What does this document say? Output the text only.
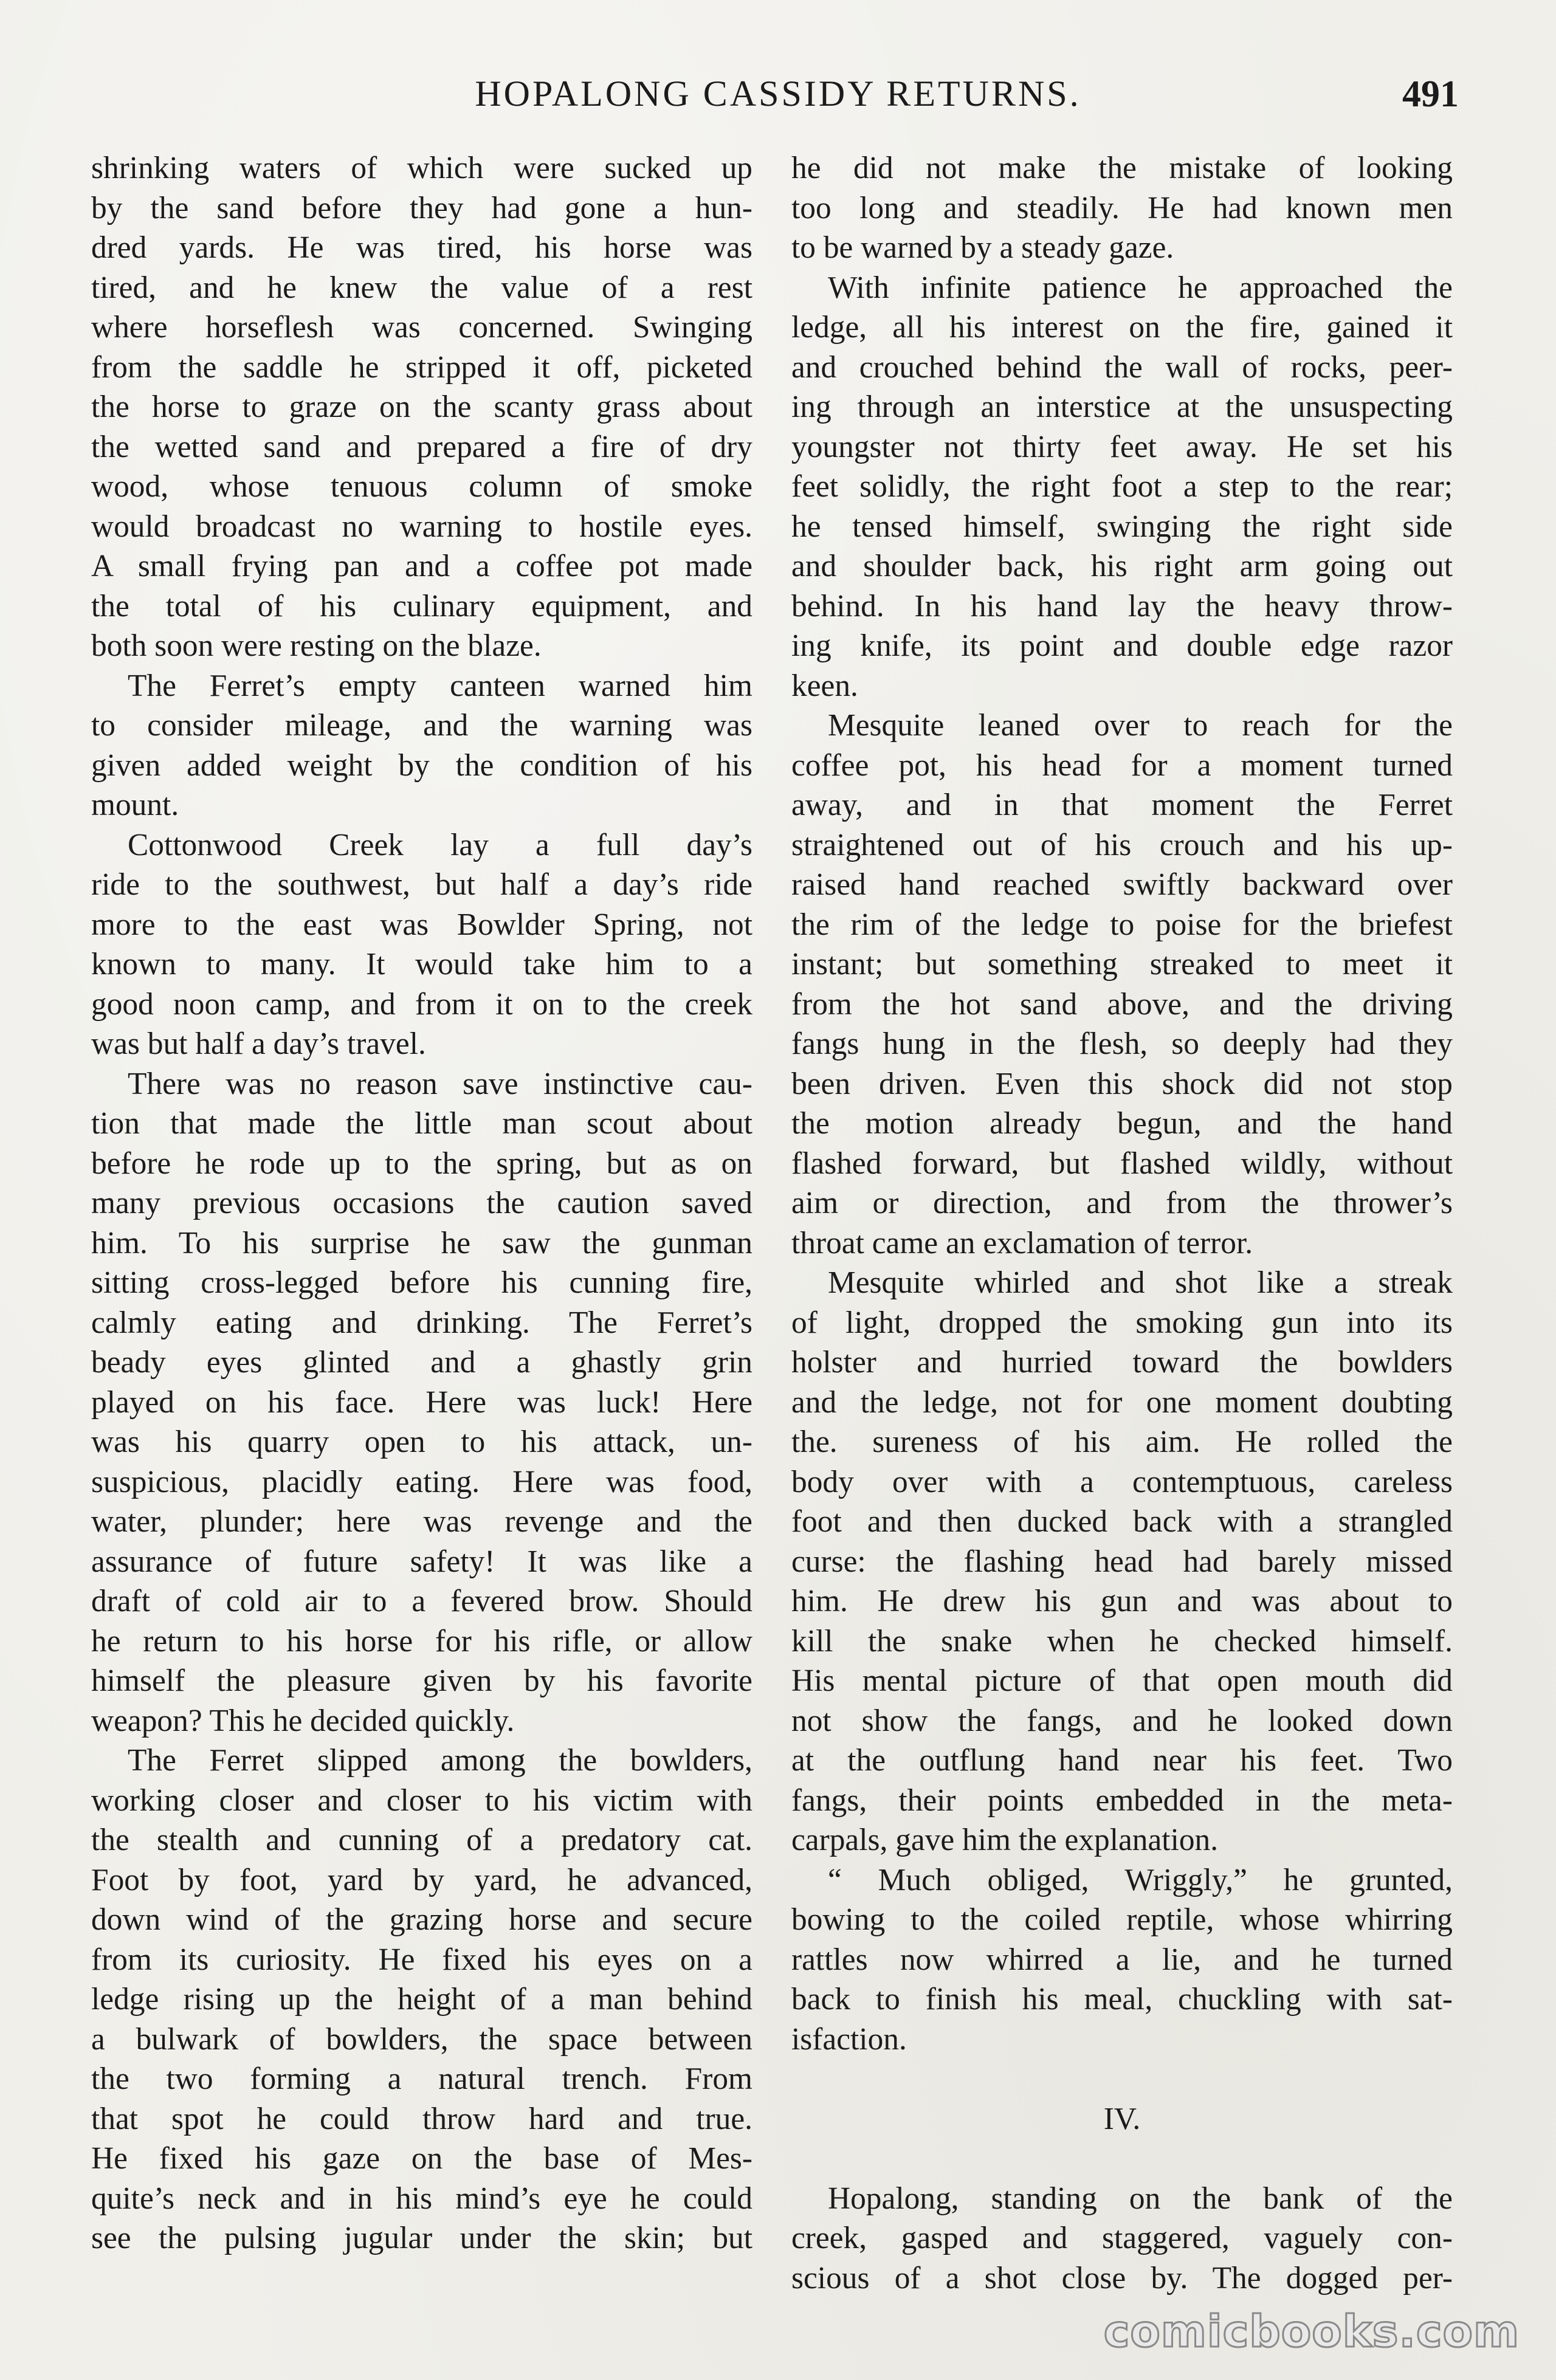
HOPALONG CASSIDY RETURNS.	491
shrinking waters of which were sucked up
by the sand before they had gone a hun-
dred yards. He was tired, his horse was
tired, and he knew the value of a rest
where horseflesh was concerned. Swinging
from the saddle he stripped it off, picketed
the horse to graze on the scanty grass about
the wetted sand and prepared a fire of dry
wood, whose tenuous column of smoke
would broadcast no warning to hostile eyes.
A small frying pan and a coffee pot made
the total of his culinary equipment, and
both soon were resting on the blaze.
The Ferret’s empty canteen warned him
to consider mileage, and the warning was
given added weight by the condition of his
mount.
Cottonwood Creek lay a full day’s
ride to the southwest, but half a day’s ride
more to the east was Bowlder Spring, not
known to many. It would take him to a
good noon camp, and from it on to the creek
was but half a day’s travel.
There was no reason save instinctive cau-
tion that made the little man scout about
before he rode up to the spring, but as on
many previous occasions the caution saved
him. To his surprise he saw the gunman
sitting cross-legged before his cunning fire,
calmly eating and drinking. The Ferret’s
beady eyes glinted and a ghastly grin
played on his face. Here was luck! Here
was his quarry open to his attack, un-
suspicious, placidly eating. Here was food,
water, plunder; here was revenge and the
assurance of future safety! It was like a
draft of cold air to a fevered brow. Should
he return to his horse for his rifle, or allow
himself the pleasure given by his favorite
weapon? This he decided quickly.
The Ferret slipped among the bowlders,
working closer and closer to his victim with
the stealth and cunning of a predatory cat.
Foot by foot, yard by yard, he advanced,
down wind of the grazing horse and secure
from its curiosity. He fixed his eyes on a
ledge rising up the height of a man behind
a bulwark of bowlders, the space between
the two forming a natural trench. From
that spot he could throw hard and true.
He fixed his gaze on the base of Mes-
quite’s neck and in his mind’s eye he could
see the pulsing jugular under the skin; but
he did not make the mistake of looking
too long and steadily. He had known men
to be warned by a steady gaze.
With infinite patience he approached the
ledge, all his interest on the fire, gained it
and crouched behind the wall of rocks, peer-
ing through an interstice at the unsuspecting
youngster not thirty feet away. He set his
feet solidly, the right foot a step to the rear;
he tensed himself, swinging the right side
and shoulder back, his right arm going out
behind. In his hand lay the heavy throw-
ing knife, its point and double edge razor
keen.
Mesquite leaned over to reach for the
coffee pot, his head for a moment turned
away, and in that moment the Ferret
straightened out of his crouch and his up-
raised hand reached swiftly backward over
the rim of the ledge to poise for the briefest
instant; but something streaked to meet it
from the hot sand above, and the driving
fangs hung in the flesh, so deeply had they
been driven. Even this shock did not stop
the motion already begun, and the hand
flashed forward, but flashed wildly, without
aim or direction, and from the thrower’s
throat came an exclamation of terror.
Mesquite whirled and shot like a streak
of light, dropped the smoking gun into its
holster and hurried toward the bowlders
and the ledge, not for one moment doubting
the. sureness of his aim. He rolled the
body over with a contemptuous, careless
foot and then ducked back with a strangled
curse: the flashing head had barely missed
him. He drew his gun and was about to
kill the snake when he checked himself.
His mental picture of that open mouth did
not show the fangs, and he looked down
at the outflung hand near his feet. Two
fangs, their points embedded in the meta-
carpals, gave him the explanation.
“ Much obliged, Wriggly,” he grunted,
bowing to the coiled reptile, whose whirring
rattles now whirred a lie, and he turned
back to finish his meal, chuckling with sat-
isfaction.
IV.
Hopalong, standing on the bank of the
creek, gasped and staggered, vaguely con-
scious of a shot close by. The dogged per-
comicbooks.com
